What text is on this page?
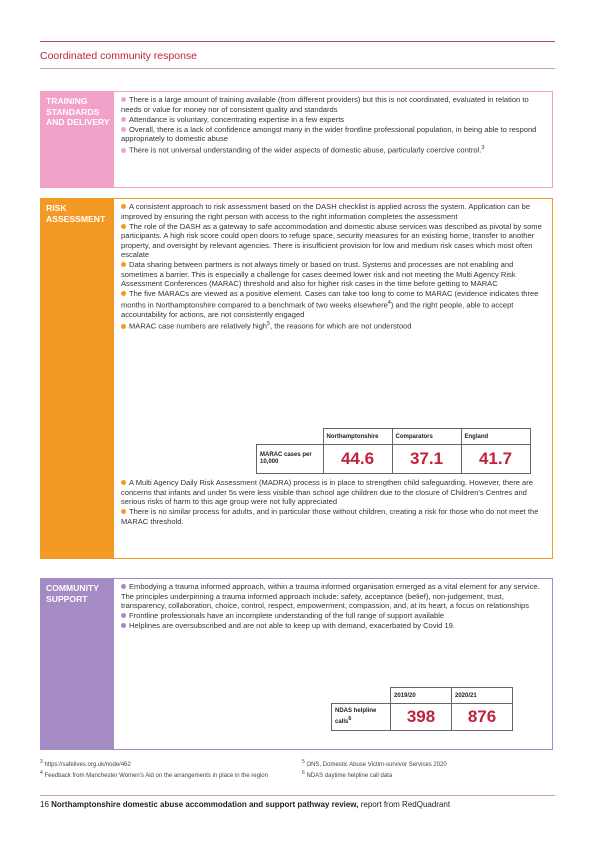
Coordinated community response
TRAINING STANDARDS AND DELIVERY
There is a large amount of training available (from different providers) but this is not coordinated, evaluated in relation to needs or value for money nor of consistent quality and standards
Attendance is voluntary, concentrating expertise in a few experts
Overall, there is a lack of confidence amongst many in the wider frontline professional population, in being able to respond appropriately to domestic abuse
There is not universal understanding of the wider aspects of domestic abuse, particularly coercive control.$^3$
RISK ASSESSMENT
A consistent approach to risk assessment based on the DASH checklist is applied across the system. Application can be improved by ensuring the right person with access to the right information completes the assessment
The role of the DASH as a gateway to safe accommodation and domestic abuse services was described as pivotal by some participants. A high risk score could open doors to refuge space, security measures for an existing home, transfer to another property, and oversight by relevant agencies. There is insufficient provision for low and medium risk cases which most often escalate
Data sharing between partners is not always timely or based on trust. Systems and processes are not enabling and sometimes a barrier. This is especially a challenge for cases deemed lower risk and not meeting the Multi Agency Risk Assessment Conferences (MARAC) threshold and also for higher risk cases in the time before getting to MARAC
The five MARACs are viewed as a positive element. Cases can take too long to come to MARAC (evidence indicates three months in Northamptonshire compared to a benchmark of two weeks elsewhere$^4$) and the right people, able to accept accountability for actions, are not consistently engaged
MARAC case numbers are relatively high$^5$, the reasons for which are not understood
A Multi Agency Daily Risk Assessment (MADRA) process is in place to strengthen child safeguarding. However, there are concerns that infants and under 5s were less visible than school age children due to the closure of Children's Centres and serious risks of harm to this age group were not fully appreciated
There is no similar process for adults, and in particular those without children, creating a risk for those who do not meet the MARAC threshold.
	Northamptonshire	Comparators	England
MARAC cases per 10,000	44.6	37.1	41.7
COMMUNITY SUPPORT
Embodying a trauma informed approach, within a trauma informed organisation emerged as a vital element for any service. The principles underpinning a trauma informed approach include: safety, acceptance (belief), non-judgement, trust, transparency, collaboration, choice, control, respect, empowerment, compassion, and, at its heart, a focus on relationships
Frontline professionals have an incomplete understanding of the full range of support available
Helplines are oversubscribed and are not able to keep up with demand, exacerbated by Covid 19.
	2019/20	2020/21
NDAS helpline calls$^6$	398	876
$^3$ https://safelives.org.uk/node/462
$^4$ Feedback from Manchester Women's Aid on the arrangements in place in the region
$^5$ ONS, Domestic Abuse Victim-survivor Services 2020
$^6$ NDAS daytime helpline call data
16 Northamptonshire domestic abuse accommodation and support pathway review, report from RedQuadrant
